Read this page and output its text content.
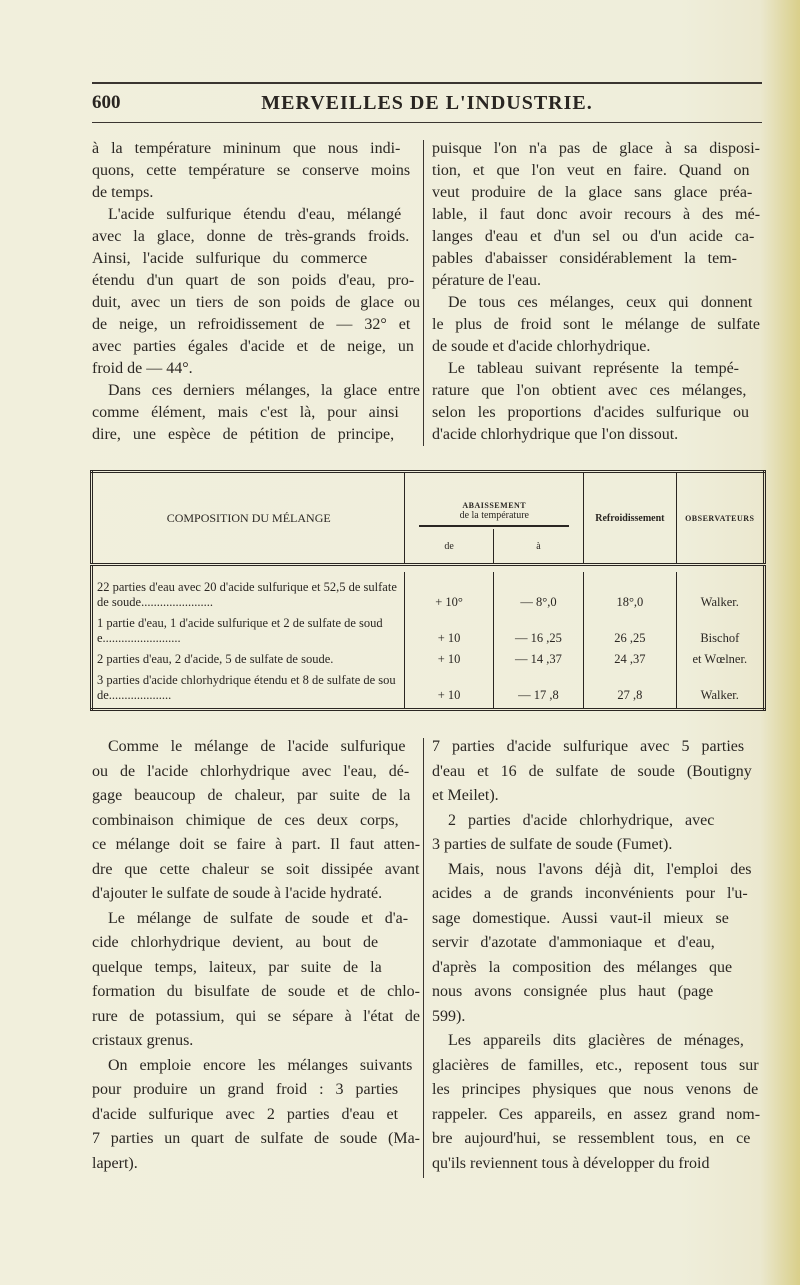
600	MERVEILLES DE L'INDUSTRIE.
à la température mininum que nous indi-
quons, cette température se conserve moins
de temps.
L'acide sulfurique étendu d'eau, mélangé
avec la glace, donne de très-grands froids.
Ainsi, l'acide sulfurique du commerce
étendu d'un quart de son poids d'eau, pro-
duit, avec un tiers de son poids de glace ou
de neige, un refroidissement de — 32° et
avec parties égales d'acide et de neige, un
froid de — 44°.
Dans ces derniers mélanges, la glace entre
comme élément, mais c'est là, pour ainsi
dire, une espèce de pétition de principe,
puisque l'on n'a pas de glace à sa disposi-
tion, et que l'on veut en faire. Quand on
veut produire de la glace sans glace préa-
lable, il faut donc avoir recours à des mé-
langes d'eau et d'un sel ou d'un acide ca-
pables d'abaisser considérablement la tem-
pérature de l'eau.
De tous ces mélanges, ceux qui donnent
le plus de froid sont le mélange de sulfate
de soude et d'acide chlorhydrique.
Le tableau suivant représente la tempé-
rature que l'on obtient avec ces mélanges,
selon les proportions d'acides sulfurique ou
d'acide chlorhydrique que l'on dissout.
COMPOSITION DU MÉLANGE	ABAISSEMENT
de la température		Refroidissement	OBSERVATEURS
	de	à		

22 parties d'eau avec 20 d'acide sulfurique et 52,5 de sulfate de soude.......................	+ 10°	— 8°,0	18°,0	Walker.
1 partie d'eau, 1 d'acide sulfurique et 2 de sulfate de soude.........................	+ 10	— 16 ,25	26 ,25	Bischof
2 parties d'eau, 2 d'acide, 5 de sulfate de soude.	+ 10	— 14 ,37	24 ,37	et Wœlner.
3 parties d'acide chlorhydrique étendu et 8 de sulfate de soude....................	+ 10	— 17 ,8	27 ,8	Walker.
Comme le mélange de l'acide sulfurique
ou de l'acide chlorhydrique avec l'eau, dé-
gage beaucoup de chaleur, par suite de la
combinaison chimique de ces deux corps,
ce mélange doit se faire à part. Il faut atten-
dre que cette chaleur se soit dissipée avant
d'ajouter le sulfate de soude à l'acide hydraté.
Le mélange de sulfate de soude et d'a-
cide chlorhydrique devient, au bout de
quelque temps, laiteux, par suite de la
formation du bisulfate de soude et de chlo-
rure de potassium, qui se sépare à l'état de
cristaux grenus.
On emploie encore les mélanges suivants
pour produire un grand froid : 3 parties
d'acide sulfurique avec 2 parties d'eau et
7 parties un quart de sulfate de soude (Ma-
lapert).
7 parties d'acide sulfurique avec 5 parties
d'eau et 16 de sulfate de soude (Boutigny
et Meilet).
2 parties d'acide chlorhydrique, avec
3 parties de sulfate de soude (Fumet).
Mais, nous l'avons déjà dit, l'emploi des
acides a de grands inconvénients pour l'u-
sage domestique. Aussi vaut-il mieux se
servir d'azotate d'ammoniaque et d'eau,
d'après la composition des mélanges que
nous avons consignée plus haut (page
599).
Les appareils dits glacières de ménages,
glacières de familles, etc., reposent tous sur
les principes physiques que nous venons de
rappeler. Ces appareils, en assez grand nom-
bre aujourd'hui, se ressemblent tous, en ce
qu'ils reviennent tous à développer du froid
